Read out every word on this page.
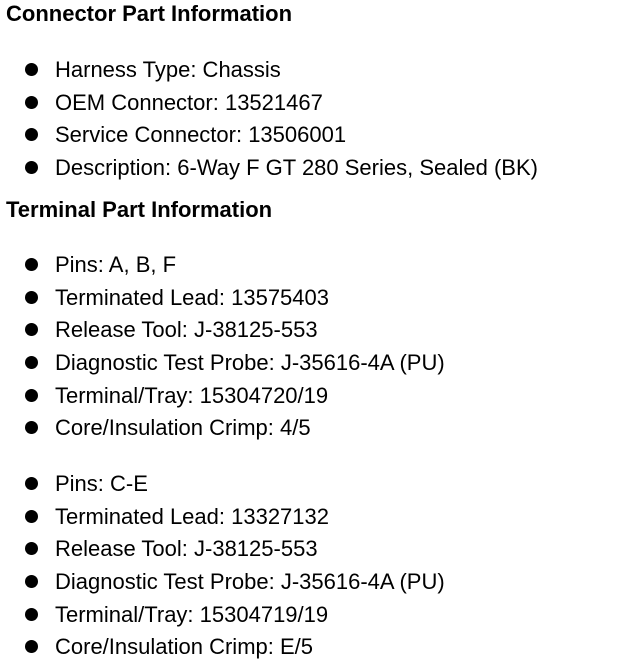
Connector Part Information
Harness Type: Chassis
OEM Connector: 13521467
Service Connector: 13506001
Description: 6-Way F GT 280 Series, Sealed (BK)
Terminal Part Information
Pins: A, B, F
Terminated Lead: 13575403
Release Tool: J-38125-553
Diagnostic Test Probe: J-35616-4A (PU)
Terminal/Tray: 15304720/19
Core/Insulation Crimp: 4/5
Pins: C-E
Terminated Lead: 13327132
Release Tool: J-38125-553
Diagnostic Test Probe: J-35616-4A (PU)
Terminal/Tray: 15304719/19
Core/Insulation Crimp: E/5
